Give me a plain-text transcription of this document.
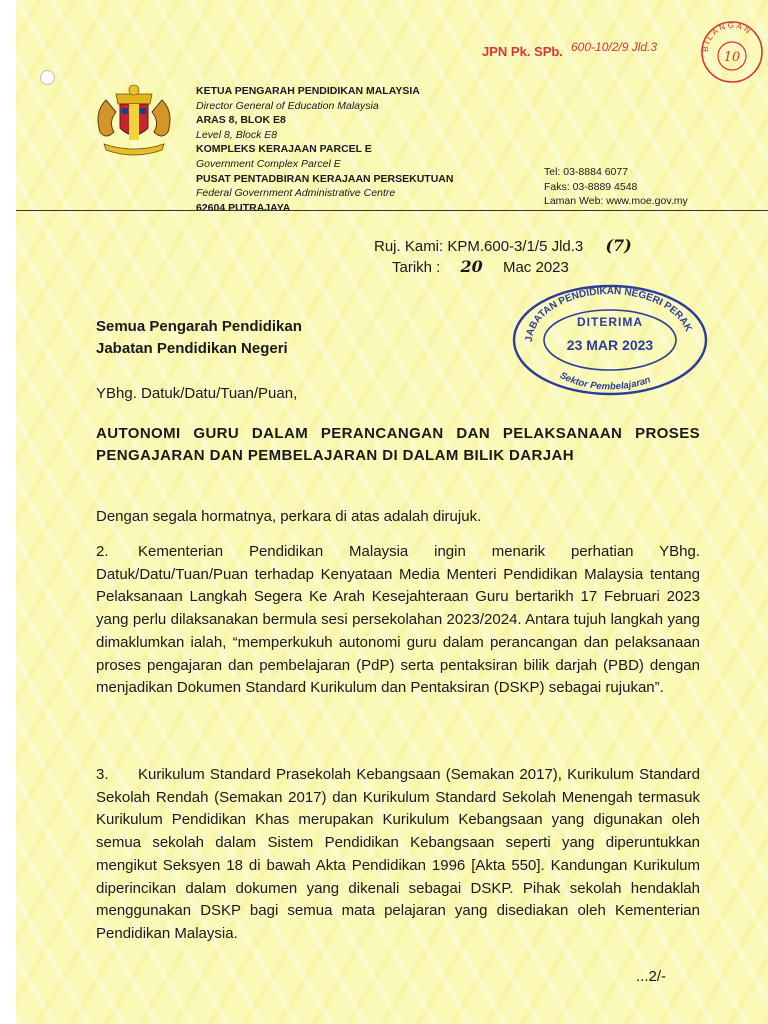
KETUA PENGARAH PENDIDIKAN MALAYSIA
Director General of Education Malaysia
ARAS 8, BLOK E8
Level 8, Block E8
KOMPLEKS KERAJAAN PARCEL E
Government Complex Parcel E
PUSAT PENTADBIRAN KERAJAAN PERSEKUTUAN
Federal Government Administrative Centre
62604 PUTRAJAYA
Tel: 03-8884 6077
Faks: 03-8889 4548
Laman Web: www.moe.gov.my
JPN Pk. SPb. 600-10/2/9 Jld.3	BILANGAN
10
Ruj. Kami: KPM.600-3/1/5 Jld.3 (7)
Tarikh : 20 Mac 2023
JABATAN PENDIDIKAN NEGERI PERAK
DITERIMA
23 MAR 2023
Sektor Pembelajaran
Semua Pengarah Pendidikan
Jabatan Pendidikan Negeri
YBhg. Datuk/Datu/Tuan/Puan,
AUTONOMI GURU DALAM PERANCANGAN DAN PELAKSANAAN PROSES PENGAJARAN DAN PEMBELAJARAN DI DALAM BILIK DARJAH
Dengan segala hormatnya, perkara di atas adalah dirujuk.
2. Kementerian Pendidikan Malaysia ingin menarik perhatian YBhg. Datuk/Datu/Tuan/Puan terhadap Kenyataan Media Menteri Pendidikan Malaysia tentang Pelaksanaan Langkah Segera Ke Arah Kesejahteraan Guru bertarikh 17 Februari 2023 yang perlu dilaksanakan bermula sesi persekolahan 2023/2024. Antara tujuh langkah yang dimaklumkan ialah, “memperkukuh autonomi guru dalam perancangan dan pelaksanaan proses pengajaran dan pembelajaran (PdP) serta pentaksiran bilik darjah (PBD) dengan menjadikan Dokumen Standard Kurikulum dan Pentaksiran (DSKP) sebagai rujukan”.
3. Kurikulum Standard Prasekolah Kebangsaan (Semakan 2017), Kurikulum Standard Sekolah Rendah (Semakan 2017) dan Kurikulum Standard Sekolah Menengah termasuk Kurikulum Pendidikan Khas merupakan Kurikulum Kebangsaan yang digunakan oleh semua sekolah dalam Sistem Pendidikan Kebangsaan seperti yang diperuntukkan mengikut Seksyen 18 di bawah Akta Pendidikan 1996 [Akta 550]. Kandungan Kurikulum diperincikan dalam dokumen yang dikenali sebagai DSKP. Pihak sekolah hendaklah menggunakan DSKP bagi semua mata pelajaran yang disediakan oleh Kementerian Pendidikan Malaysia.
...2/-
